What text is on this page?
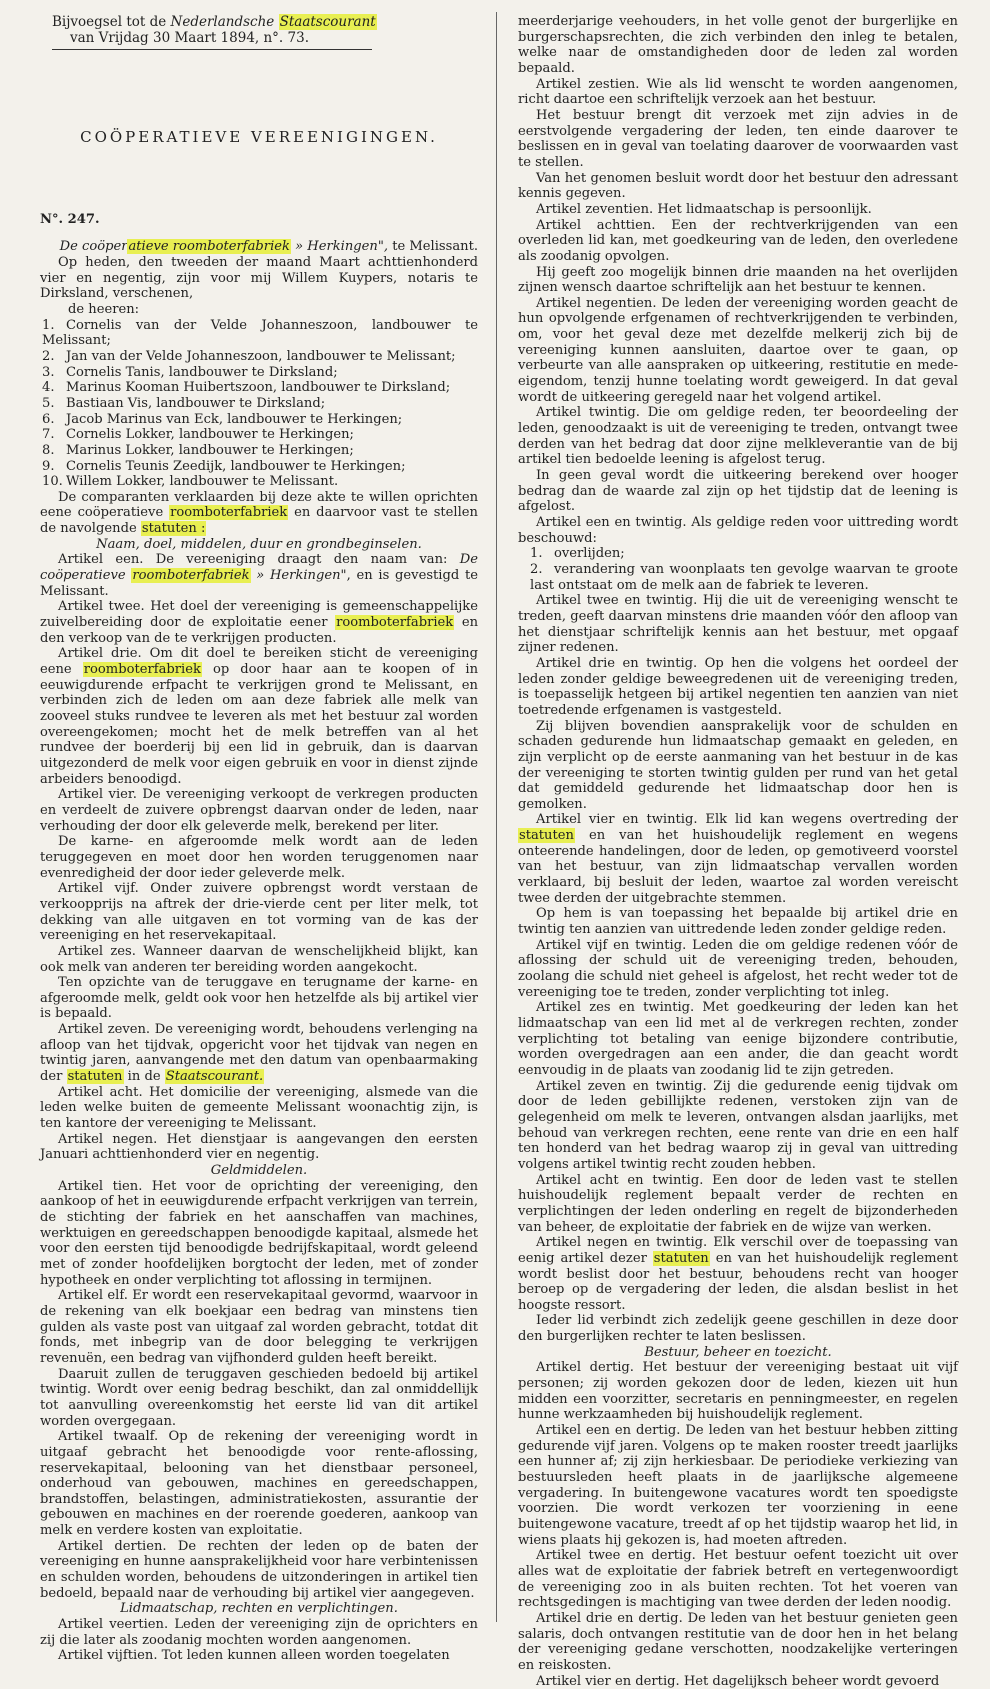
Bijvoegsel tot de Nederlandsche Staatscourant
van Vrijdag 30 Maart 1894, n°. 73.
COÖPERATIEVE VEREENIGINGEN.
N°. 247.

De coöperatieve roomboterfabriek » Herkingen", te Melissant.

Op heden, den tweeden der maand Maart achttienhonderd vier en negentig, zijn voor mij Willem Kuypers, notaris te Dirksland, verschenen,

de heeren:

1. Cornelis van der Velde Johanneszoon, landbouwer te Melissant;
2. Jan van der Velde Johanneszoon, landbouwer te Melissant;
3. Cornelis Tanis, landbouwer te Dirksland;
4. Marinus Kooman Huibertszoon, landbouwer te Dirksland;
5. Bastiaan Vis, landbouwer te Dirksland;
6. Jacob Marinus van Eck, landbouwer te Herkingen;
7. Cornelis Lokker, landbouwer te Herkingen;
8. Marinus Lokker, landbouwer te Herkingen;
9. Cornelis Teunis Zeedijk, landbouwer te Herkingen;
10. Willem Lokker, landbouwer te Melissant.

De comparanten verklaarden bij deze akte te willen oprichten eene coöperatieve roomboterfabriek en daarvoor vast te stellen de navolgende statuten :

Naam, doel, middelen, duur en grondbeginselen.

Artikel een. De vereeniging draagt den naam van: De coöperatieve roomboterfabriek » Herkingen", en is gevestigd te Melissant.

Artikel twee. Het doel der vereeniging is gemeenschappelijke zuivelbereiding door de exploitatie eener roomboterfabriek en den verkoop van de te verkrijgen producten.

Artikel drie. Om dit doel te bereiken sticht de vereeniging eene roomboterfabriek op door haar aan te koopen of in eeuwigdurende erfpacht te verkrijgen grond te Melissant, en verbinden zich de leden om aan deze fabriek alle melk van zooveel stuks rundvee te leveren als met het bestuur zal worden overeengekomen; mocht het de melk betreffen van al het rundvee der boerderij bij een lid in gebruik, dan is daarvan uitgezonderd de melk voor eigen gebruik en voor in dienst zijnde arbeiders benoodigd.

Artikel vier. De vereeniging verkoopt de verkregen producten en verdeelt de zuivere opbrengst daarvan onder de leden, naar verhouding der door elk geleverde melk, berekend per liter.

De karne- en afgeroomde melk wordt aan de leden teruggegeven en moet door hen worden teruggenomen naar evenredigheid der door ieder geleverde melk.

Artikel vijf. Onder zuivere opbrengst wordt verstaan de verkoopprijs na aftrek der drie-vierde cent per liter melk, tot dekking van alle uitgaven en tot vorming van de kas der vereeniging en het reservekapitaal.

Artikel zes. Wanneer daarvan de wenschelijkheid blijkt, kan ook melk van anderen ter bereiding worden aangekocht.

Ten opzichte van de teruggave en terugname der karne- en afgeroomde melk, geldt ook voor hen hetzelfde als bij artikel vier is bepaald.

Artikel zeven. De vereeniging wordt, behoudens verlenging na afloop van het tijdvak, opgericht voor het tijdvak van negen en twintig jaren, aanvangende met den datum van openbaarmaking der statuten in de Staatscourant.

Artikel acht. Het domicilie der vereeniging, alsmede van die leden welke buiten de gemeente Melissant woonachtig zijn, is ten kantore der vereeniging te Melissant.

Artikel negen. Het dienstjaar is aangevangen den eersten Januari achttienhonderd vier en negentig.

Geldmiddelen.

Artikel tien. Het voor de oprichting der vereeniging, den aankoop of het in eeuwigdurende erfpacht verkrijgen van terrein, de stichting der fabriek en het aanschaffen van machines, werktuigen en gereedschappen benoodigde kapitaal, alsmede het voor den eersten tijd benoodigde bedrijfskapitaal, wordt geleend met of zonder hoofdelijken borgtocht der leden, met of zonder hypotheek en onder verplichting tot aflossing in termijnen.

Artikel elf. Er wordt een reservekapitaal gevormd, waarvoor in de rekening van elk boekjaar een bedrag van minstens tien gulden als vaste post van uitgaaf zal worden gebracht, totdat dit fonds, met inbegrip van de door belegging te verkrijgen revenuën, een bedrag van vijfhonderd gulden heeft bereikt.

Daaruit zullen de teruggaven geschieden bedoeld bij artikel twintig. Wordt over eenig bedrag beschikt, dan zal onmiddellijk tot aanvulling overeenkomstig het eerste lid van dit artikel worden overgegaan.

Artikel twaalf. Op de rekening der vereeniging wordt in uitgaaf gebracht het benoodigde voor rente-aflossing, reservekapitaal, belooning van het dienstbaar personeel, onderhoud van gebouwen, machines en gereedschappen, brandstoffen, belastingen, administratiekosten, assurantie der gebouwen en machines en der roerende goederen, aankoop van melk en verdere kosten van exploitatie.

Artikel dertien. De rechten der leden op de baten der vereeniging en hunne aansprakelijkheid voor hare verbintenissen en schulden worden, behoudens de uitzonderingen in artikel tien bedoeld, bepaald naar de verhouding bij artikel vier aangegeven.

Lidmaatschap, rechten en verplichtingen.

Artikel veertien. Leden der vereeniging zijn de oprichters en zij die later als zoodanig mochten worden aangenomen.

Artikel vijftien. Tot leden kunnen alleen worden toegelaten

meerderjarige veehouders, in het volle genot der burgerlijke en burgerschapsrechten, die zich verbinden den inleg te betalen, welke naar de omstandigheden door de leden zal worden bepaald.

Artikel zestien. Wie als lid wenscht te worden aangenomen, richt daartoe een schriftelijk verzoek aan het bestuur.

Het bestuur brengt dit verzoek met zijn advies in de eerstvolgende vergadering der leden, ten einde daarover te beslissen en in geval van toelating daarover de voorwaarden vast te stellen.

Van het genomen besluit wordt door het bestuur den adressant kennis gegeven.

Artikel zeventien. Het lidmaatschap is persoonlijk.

Artikel achttien. Een der rechtverkrijgenden van een overleden lid kan, met goedkeuring van de leden, den overledene als zoodanig opvolgen.

Hij geeft zoo mogelijk binnen drie maanden na het overlijden zijnen wensch daartoe schriftelijk aan het bestuur te kennen.

Artikel negentien. De leden der vereeniging worden geacht de hun opvolgende erfgenamen of rechtverkrijgenden te verbinden, om, voor het geval deze met dezelfde melkerij zich bij de vereeniging kunnen aansluiten, daartoe over te gaan, op verbeurte van alle aanspraken op uitkeering, restitutie en mede-eigendom, tenzij hunne toelating wordt geweigerd. In dat geval wordt de uitkeering geregeld naar het volgend artikel.

Artikel twintig. Die om geldige reden, ter beoordeeling der leden, genoodzaakt is uit de vereeniging te treden, ontvangt twee derden van het bedrag dat door zijne melkleverantie van de bij artikel tien bedoelde leening is afgelost terug.

In geen geval wordt die uitkeering berekend over hooger bedrag dan de waarde zal zijn op het tijdstip dat de leening is afgelost.

Artikel een en twintig. Als geldige reden voor uittreding wordt beschouwd:

1. overlijden;
2. verandering van woonplaats ten gevolge waarvan te groote last ontstaat om de melk aan de fabriek te leveren.

Artikel twee en twintig. Hij die uit de vereeniging wenscht te treden, geeft daarvan minstens drie maanden vóór den afloop van het dienstjaar schriftelijk kennis aan het bestuur, met opgaaf zijner redenen.

Artikel drie en twintig. Op hen die volgens het oordeel der leden zonder geldige beweegredenen uit de vereeniging treden, is toepasselijk hetgeen bij artikel negentien ten aanzien van niet toetredende erfgenamen is vastgesteld.

Zij blijven bovendien aansprakelijk voor de schulden en schaden gedurende hun lidmaatschap gemaakt en geleden, en zijn verplicht op de eerste aanmaning van het bestuur in de kas der vereeniging te storten twintig gulden per rund van het getal dat gemiddeld gedurende het lidmaatschap door hen is gemolken.

Artikel vier en twintig. Elk lid kan wegens overtreding der statuten en van het huishoudelijk reglement en wegens onteerende handelingen, door de leden, op gemotiveerd voorstel van het bestuur, van zijn lidmaatschap vervallen worden verklaard, bij besluit der leden, waartoe zal worden vereischt twee derden der uitgebrachte stemmen.

Op hem is van toepassing het bepaalde bij artikel drie en twintig ten aanzien van uittredende leden zonder geldige reden.

Artikel vijf en twintig. Leden die om geldige redenen vóór de aflossing der schuld uit de vereeniging treden, behouden, zoolang die schuld niet geheel is afgelost, het recht weder tot de vereeniging toe te treden, zonder verplichting tot inleg.

Artikel zes en twintig. Met goedkeuring der leden kan het lidmaatschap van een lid met al de verkregen rechten, zonder verplichting tot betaling van eenige bijzondere contributie, worden overgedragen aan een ander, die dan geacht wordt eenvoudig in de plaats van zoodanig lid te zijn getreden.

Artikel zeven en twintig. Zij die gedurende eenig tijdvak om door de leden gebillijkte redenen, verstoken zijn van de gelegenheid om melk te leveren, ontvangen alsdan jaarlijks, met behoud van verkregen rechten, eene rente van drie en een half ten honderd van het bedrag waarop zij in geval van uittreding volgens artikel twintig recht zouden hebben.

Artikel acht en twintig. Een door de leden vast te stellen huishoudelijk reglement bepaalt verder de rechten en verplichtingen der leden onderling en regelt de bijzonderheden van beheer, de exploitatie der fabriek en de wijze van werken.

Artikel negen en twintig. Elk verschil over de toepassing van eenig artikel dezer statuten en van het huishoudelijk reglement wordt beslist door het bestuur, behoudens recht van hooger beroep op de vergadering der leden, die alsdan beslist in het hoogste ressort.

Ieder lid verbindt zich zedelijk geene geschillen in deze door den burgerlijken rechter te laten beslissen.

Bestuur, beheer en toezicht.

Artikel dertig. Het bestuur der vereeniging bestaat uit vijf personen; zij worden gekozen door de leden, kiezen uit hun midden een voorzitter, secretaris en penningmeester, en regelen hunne werkzaamheden bij huishoudelijk reglement.

Artikel een en dertig. De leden van het bestuur hebben zitting gedurende vijf jaren. Volgens op te maken rooster treedt jaarlijks een hunner af; zij zijn herkiesbaar. De periodieke verkiezing van bestuursleden heeft plaats in de jaarlijksche algemeene vergadering. In buitengewone vacatures wordt ten spoedigste voorzien. Die wordt verkozen ter voorziening in eene buitengewone vacature, treedt af op het tijdstip waarop het lid, in wiens plaats hij gekozen is, had moeten aftreden.

Artikel twee en dertig. Het bestuur oefent toezicht uit over alles wat de exploitatie der fabriek betreft en vertegenwoordigt de vereeniging zoo in als buiten rechten. Tot het voeren van rechtsgedingen is machtiging van twee derden der leden noodig.

Artikel drie en dertig. De leden van het bestuur genieten geen salaris, doch ontvangen restitutie van de door hen in het belang der vereeniging gedane verschotten, noodzakelijke verteringen en reiskosten.

Artikel vier en dertig. Het dagelijksch beheer wordt gevoerd
